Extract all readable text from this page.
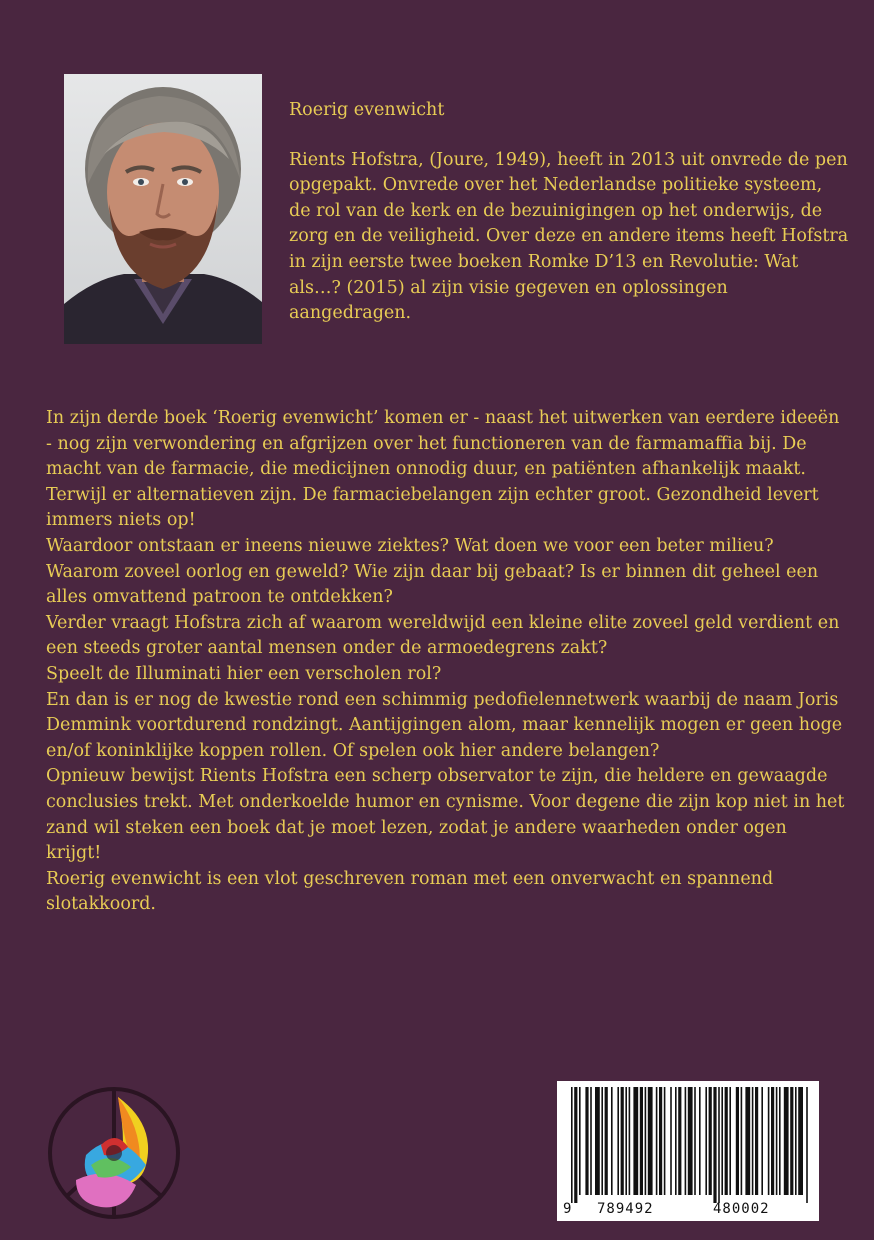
Roerig evenwicht

Rients Hofstra, (Joure, 1949), heeft in 2013 uit onvrede de pen opgepakt. Onvrede over het Nederlandse politieke systeem, de rol van de kerk en de bezuinigingen op het onderwijs, de zorg en de veiligheid. Over deze en andere items heeft Hofstra in zijn eerste twee boeken Romke D’13 en Revolutie: Wat als…? (2015) al zijn visie gegeven en oplossingen aangedragen.

In zijn derde boek ‘Roerig evenwicht’ komen er - naast het uitwerken van eerdere ideeën - nog zijn verwondering en afgrijzen over het functioneren van de farmamaffia bij. De macht van de farmacie, die medicijnen onnodig duur, en patiënten afhankelijk maakt. Terwijl er alternatieven zijn. De farmaciebelangen zijn echter groot. Gezondheid levert immers niets op!

Waardoor ontstaan er ineens nieuwe ziektes? Wat doen we voor een beter milieu? Waarom zoveel oorlog en geweld? Wie zijn daar bij gebaat? Is er binnen dit geheel een alles omvattend patroon te ontdekken?

Verder vraagt Hofstra zich af waarom wereldwijd een kleine elite zoveel geld verdient en een steeds groter aantal mensen onder de armoedegrens zakt?

Speelt de Illuminati hier een verscholen rol?

En dan is er nog de kwestie rond een schimmig pedofielennetwerk waarbij de naam Joris Demmink voortdurend rondzingt. Aantijgingen alom, maar kennelijk mogen er geen hoge en/of koninklijke koppen rollen. Of spelen ook hier andere belangen?

Opnieuw bewijst Rients Hofstra een scherp observator te zijn, die heldere en gewaagde conclusies trekt. Met onderkoelde humor en cynisme. Voor degene die zijn kop niet in het zand wil steken een boek dat je moet lezen, zodat je andere waarheden onder ogen krijgt!

Roerig evenwicht is een vlot geschreven roman met een onverwacht en spannend slotakkoord.

9 789492	480002
